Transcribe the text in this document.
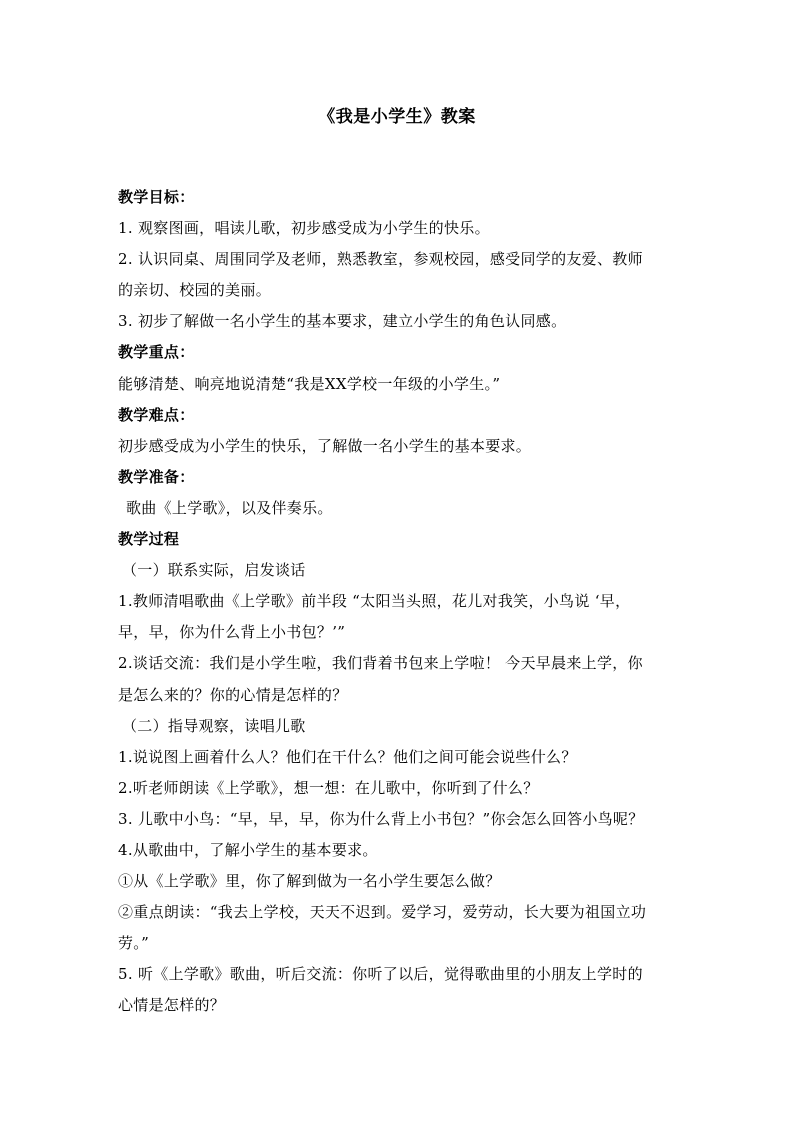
《我是小学生》教案
教学目标：
1. 观察图画，唱读儿歌，初步感受成为小学生的快乐。
2. 认识同桌、周围同学及老师，熟悉教室，参观校园，感受同学的友爱、教师
的亲切、校园的美丽。
3. 初步了解做一名小学生的基本要求，建立小学生的角色认同感。
教学重点：
能够清楚、响亮地说清楚“我是XX学校一年级的小学生。”
教学难点：
初步感受成为小学生的快乐，了解做一名小学生的基本要求。
教学准备：
歌曲《上学歌》，以及伴奏乐。
教学过程
（一）联系实际，启发谈话
1.教师清唱歌曲《上学歌》前半段 “太阳当头照，花儿对我笑，小鸟说 ‘早，
早，早，你为什么背上小书包？’”
2.谈话交流：我们是小学生啦，我们背着书包来上学啦！ 今天早晨来上学，你
是怎么来的？你的心情是怎样的？
（二）指导观察，读唱儿歌
1.说说图上画着什么人？他们在干什么？他们之间可能会说些什么？
2.听老师朗读《上学歌》，想一想：在儿歌中，你听到了什么？
3. 儿歌中小鸟：“早，早，早，你为什么背上小书包？”你会怎么回答小鸟呢？
4.从歌曲中，了解小学生的基本要求。
①从《上学歌》里，你了解到做为一名小学生要怎么做？
②重点朗读：“我去上学校，天天不迟到。爱学习，爱劳动，长大要为祖国立功
劳。”
5. 听《上学歌》歌曲，听后交流：你听了以后，觉得歌曲里的小朋友上学时的
心情是怎样的？
